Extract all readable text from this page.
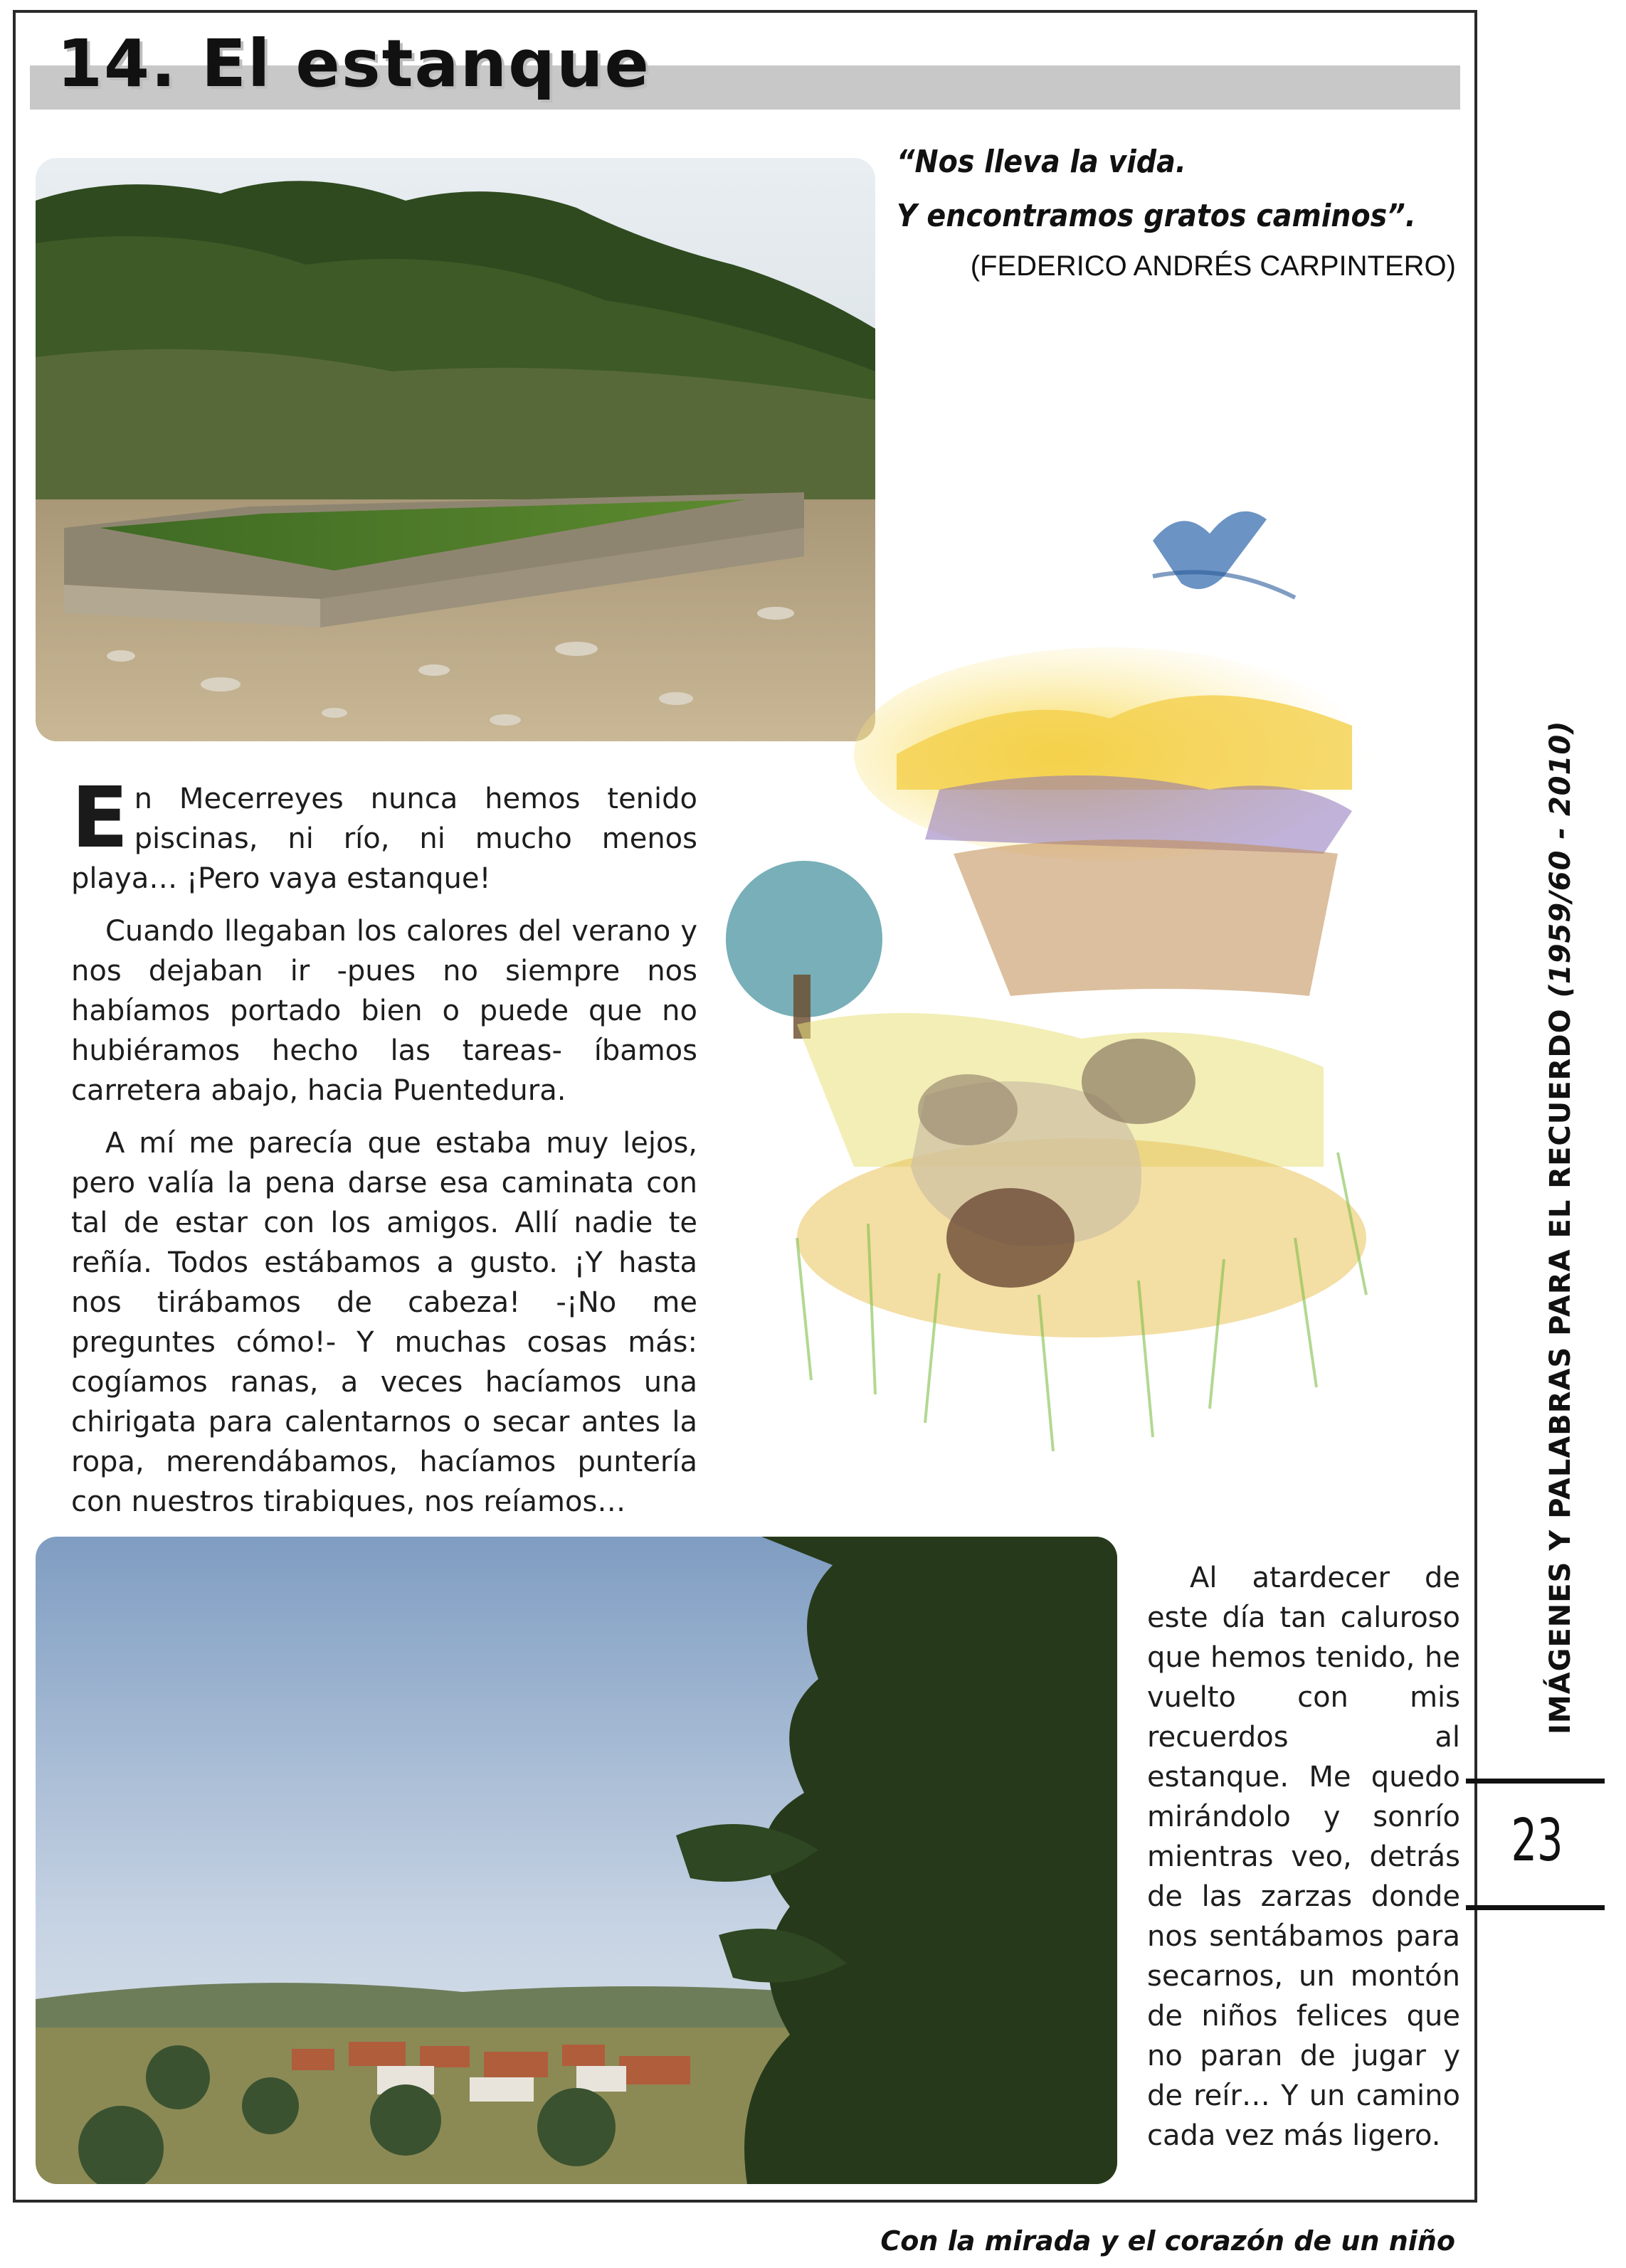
14. El estanque
“Nos lleva la vida.
Y encontramos gratos caminos”.
(FEDERICO ANDRÉS CARPINTERO)

En Mecerreyes nunca hemos tenido piscinas, ni río, ni mucho menos playa… ¡Pero vaya estanque!

Cuando llegaban los calores del verano y nos dejaban ir -pues no siempre nos habíamos portado bien o puede que no hubiéramos hecho las tareas- íbamos carretera abajo, hacia Puentedura.

A mí me parecía que estaba muy lejos, pero valía la pena darse esa caminata con tal de estar con los amigos. Allí nadie te reñía. Todos estábamos a gusto. ¡Y hasta nos tirábamos de cabeza! -¡No me preguntes cómo!- Y muchas cosas más: cogíamos ranas, a veces hacíamos una chirigata para calentarnos o secar antes la ropa, merendábamos, hacíamos puntería con nuestros tirabiques, nos reíamos…

Al atardecer de este día tan caluroso que hemos tenido, he vuelto con mis recuerdos al estanque. Me quedo mirándolo y sonrío mientras veo, detrás de las zarzas donde nos sentábamos para secarnos, un montón de niños felices que no paran de jugar y de reír… Y un camino cada vez más ligero.

IMÁGENES Y PALABRAS PARA EL RECUERDO (1959/60 - 2010)
23
Con la mirada y el corazón de un niño
